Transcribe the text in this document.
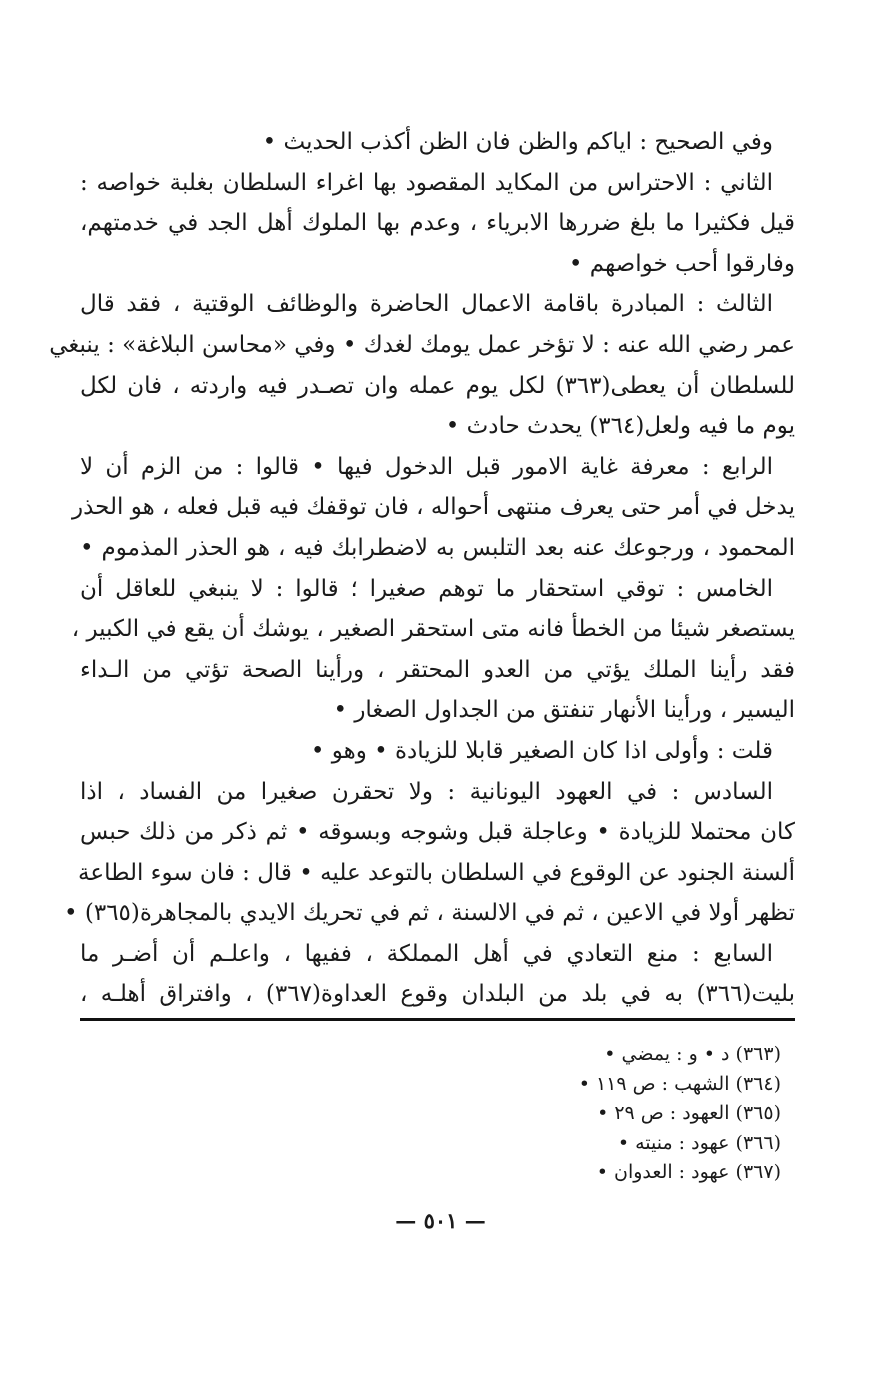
وفي الصحيح : اياكم والظن فان الظن أكذب الحديث •
الثاني : الاحتراس من المكايد المقصود بها اغراء السلطان بغلبة خواصه :
قيل فكثيرا ما بلغ ضررها الابرياء ، وعدم بها الملوك أهل الجد في خدمتهم،
وفارقوا أحب خواصهم •
الثالث : المبادرة باقامة الاعمال الحاضرة والوظائف الوقتية ، فقد قال
عمر رضي الله عنه : لا تؤخر عمل يومك لغدك • وفي «محاسن البلاغة» : ينبغي
للسلطان أن يعطى(٣٦٣) لكل يوم عمله وان تصـدر فيه واردته ، فان لكل
يوم ما فيه ولعل(٣٦٤) يحدث حادث •
الرابع : معرفة غاية الامور قبل الدخول فيها • قالوا : من الزم أن لا
يدخل في أمر حتى يعرف منتهى أحواله ، فان توقفك فيه قبل فعله ، هو الحذر
المحمود ، ورجوعك عنه بعد التلبس به لاضطرابك فيه ، هو الحذر المذموم •
الخامس : توقي استحقار ما توهم صغيرا ؛ قالوا : لا ينبغي للعاقل أن
يستصغر شيئا من الخطأ فانه متى استحقر الصغير ، يوشك أن يقع في الكبير ،
فقد رأينا الملك يؤتي من العدو المحتقر ، ورأينا الصحة تؤتي من الـداء
اليسير ، ورأينا الأنهار تنفتق من الجداول الصغار •
قلت : وأولى اذا كان الصغير قابلا للزيادة • وهو •
السادس : في العهود اليونانية : ولا تحقرن صغيرا من الفساد ، اذا
كان محتملا للزيادة • وعاجلة قبل وشوجه وبسوقه • ثم ذكر من ذلك حبس
ألسنة الجنود عن الوقوع في السلطان بالتوعد عليه • قال : فان سوء الطاعة
تظهر أولا في الاعين ، ثم في الالسنة ، ثم في تحريك الايدي بالمجاهرة(٣٦٥) •
السابع : منع التعادي في أهل المملكة ، ففيها ، واعلـم أن أضـر ما
بليت(٣٦٦) به في بلد من البلدان وقوع العداوة(٣٦٧) ، وافتراق أهلـه ،
(٣٦٣) د • و : يمضي •
(٣٦٤) الشهب : ص ١١٩ •
(٣٦٥) العهود : ص ٢٩ •
(٣٦٦) عهود : منيته •
(٣٦٧) عهود : العدوان •
— ٥٠١ —
